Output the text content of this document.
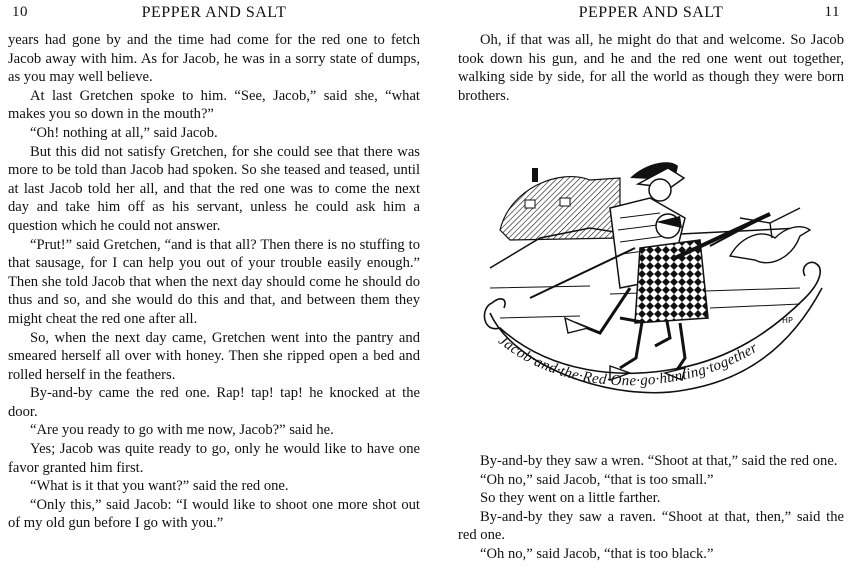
10	PEPPER AND SALT

years had gone by and the time had come for the red one to fetch Jacob away with him. As for Jacob, he was in a sorry state of dumps, as you may well believe.

At last Gretchen spoke to him. “See, Jacob,” said she, “what makes you so down in the mouth?”

“Oh! nothing at all,” said Jacob.

But this did not satisfy Gretchen, for she could see that there was more to be told than Jacob had spoken. So she teased and teased, until at last Jacob told her all, and that the red one was to come the next day and take him off as his servant, unless he could ask him a question which he could not answer.

“Prut!” said Gretchen, “and is that all? Then there is no stuffing to that sausage, for I can help you out of your trouble easily enough.” Then she told Jacob that when the next day should come he should do thus and so, and she would do this and that, and between them they might cheat the red one after all.

So, when the next day came, Gretchen went into the pantry and smeared herself all over with honey. Then she ripped open a bed and rolled herself in the feathers.

By-and-by came the red one. Rap! tap! tap! he knocked at the door.

“Are you ready to go with me now, Jacob?” said he.

Yes; Jacob was quite ready to go, only he would like to have one favor granted him first.

“What is it that you want?” said the red one.

“Only this,” said Jacob: “I would like to shoot one more shot out of my old gun before I go with you.”

PEPPER AND SALT	11

Oh, if that was all, he might do that and welcome. So Jacob took down his gun, and he and the red one went out together, walking side by side, for all the world as though they were born brothers.

Jacob·and·the·Red·One·go·hunting·together
HP

By-and-by they saw a wren. “Shoot at that,” said the red one.

“Oh no,” said Jacob, “that is too small.”

So they went on a little farther.

By-and-by they saw a raven. “Shoot at that, then,” said the red one.

“Oh no,” said Jacob, “that is too black.”
